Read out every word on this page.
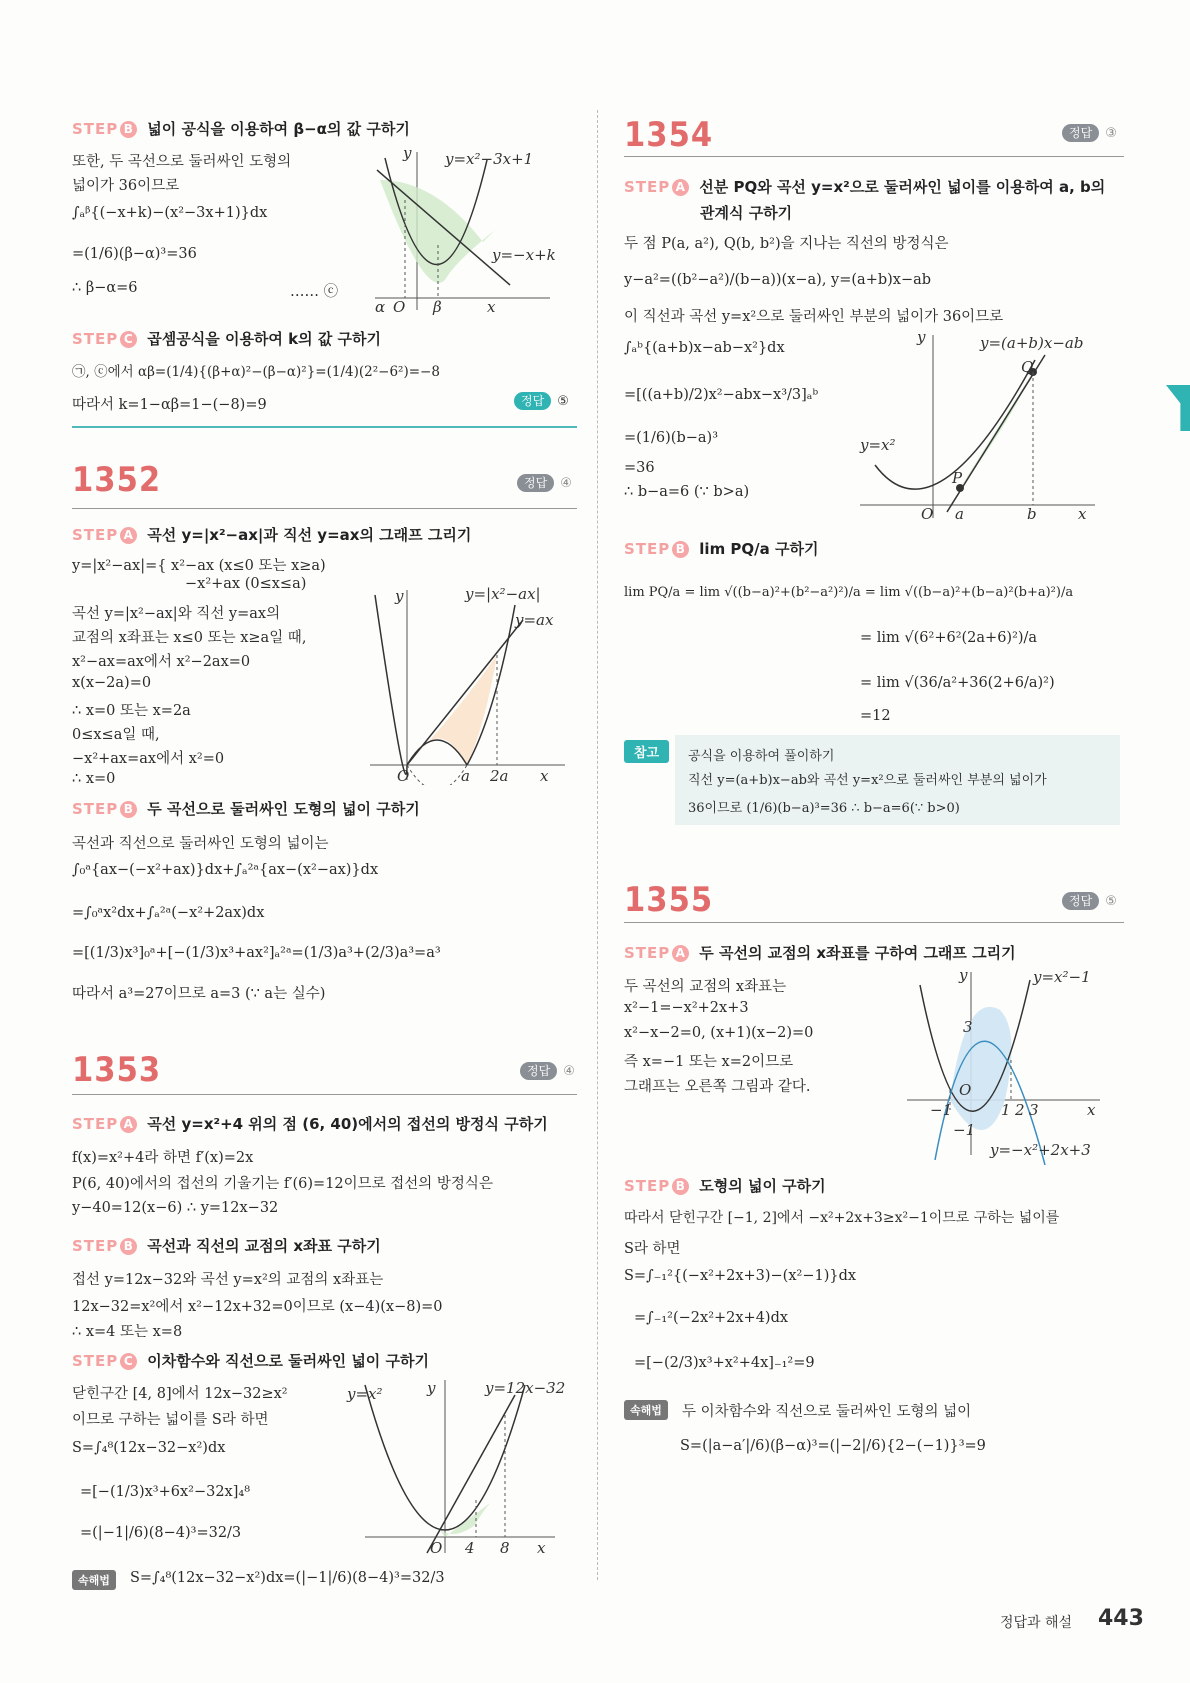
STEP B 넓이 공식을 이용하여 β−α의 값 구하기
또한, 두 곡선으로 둘러싸인 도형의
넓이가 36이므로
∫ₐᵝ{(−x+k)−(x²−3x+1)}dx
=(1/6)(β−α)³=36
∴ β−α=6	…… ⓒ
y y=x²−3x+1
y=−x+k
α O β	x
STEP C 곱셈공식을 이용하여 k의 값 구하기
㉠, ⓒ에서 αβ=(1/4){(β+α)²−(β−α)²}=(1/4)(2²−6²)=−8
따라서 k=1−αβ=1−(−8)=9	정답 ⑤
1352	정답 ④
STEP A 곡선 y=|x²−ax|과 직선 y=ax의 그래프 그리기
y=|x²−ax|={ x²−ax (x≤0 또는 x≥a)
−x²+ax (0≤x≤a)
곡선 y=|x²−ax|와 직선 y=ax의
교점의 x좌표는 x≤0 또는 x≥a일 때,
x²−ax=ax에서 x²−2ax=0
x(x−2a)=0
∴ x=0 또는 x=2a
0≤x≤a일 때,
−x²+ax=ax에서 x²=0
∴ x=0
y	y=|x²−ax|
y=ax
O	a 2a x
STEP B 두 곡선으로 둘러싸인 도형의 넓이 구하기
곡선과 직선으로 둘러싸인 도형의 넓이는
∫₀ᵃ{ax−(−x²+ax)}dx+∫ₐ²ᵃ{ax−(x²−ax)}dx
=∫₀ᵃx²dx+∫ₐ²ᵃ(−x²+2ax)dx
=[(1/3)x³]₀ᵃ+[−(1/3)x³+ax²]ₐ²ᵃ=(1/3)a³+(2/3)a³=a³
따라서 a³=27이므로 a=3 (∵ a는 실수)
1353	정답 ④
STEP A 곡선 y=x²+4 위의 점 (6, 40)에서의 접선의 방정식 구하기
f(x)=x²+4라 하면 f′(x)=2x
P(6, 40)에서의 접선의 기울기는 f′(6)=12이므로 접선의 방정식은
y−40=12(x−6) ∴ y=12x−32
STEP B 곡선과 직선의 교점의 x좌표 구하기
접선 y=12x−32와 곡선 y=x²의 교점의 x좌표는
12x−32=x²에서 x²−12x+32=0이므로 (x−4)(x−8)=0
∴ x=4 또는 x=8
STEP C 이차함수와 직선으로 둘러싸인 넓이 구하기
닫힌구간 [4, 8]에서 12x−32≥x²
이므로 구하는 넓이를 S라 하면
S=∫₄⁸(12x−32−x²)dx
=[−(1/3)x³+6x²−32x]₄⁸
=(|−1|/6)(8−4)³=32/3
y=x²	y	y=12x−32
O 4 8 x
속해법	S=∫₄⁸(12x−32−x²)dx=(|−1|/6)(8−4)³=32/3
1354	정답 ③
STEP A 선분 PQ와 곡선 y=x²으로 둘러싸인 넓이를 이용하여 a, b의
관계식 구하기
두 점 P(a, a²), Q(b, b²)을 지나는 직선의 방정식은
y−a²=((b²−a²)/(b−a))(x−a), y=(a+b)x−ab
이 직선과 곡선 y=x²으로 둘러싸인 부분의 넓이가 36이므로
∫ₐᵇ{(a+b)x−ab−x²}dx
=[((a+b)/2)x²−abx−x³/3]ₐᵇ
=(1/6)(b−a)³
=36
∴ b−a=6 (∵ b>a)
y	y=(a+b)x−ab
Q
y=x²
P
O a	b	x
STEP B lim PQ/a 구하기
lim PQ/a = lim √((b−a)²+(b²−a²)²)/a = lim √((b−a)²+(b−a)²(b+a)²)/a
= lim √(6²+6²(2a+6)²)/a
= lim √(36/a²+36(2+6/a)²)
=12
참고	공식을 이용하여 풀이하기
직선 y=(a+b)x−ab와 곡선 y=x²으로 둘러싸인 부분의 넓이가
36이므로 (1/6)(b−a)³=36 ∴ b−a=6(∵ b>0)
1355	정답 ⑤
STEP A 두 곡선의 교점의 x좌표를 구하여 그래프 그리기
두 곡선의 교점의 x좌표는
x²−1=−x²+2x+3
x²−x−2=0, (x+1)(x−2)=0
즉 x=−1 또는 x=2이므로
그래프는 오른쪽 그림과 같다.
y	y=x²−1
3
O
−1
−1
1 2 3	x
y=−x²+2x+3
STEP B 도형의 넓이 구하기
따라서 닫힌구간 [−1, 2]에서 −x²+2x+3≥x²−1이므로 구하는 넓이를
S라 하면
S=∫₋₁²{(−x²+2x+3)−(x²−1)}dx
=∫₋₁²(−2x²+2x+4)dx
=[−(2/3)x³+x²+4x]₋₁²=9
속해법	두 이차함수와 직선으로 둘러싸인 도형의 넓이
S=(|a−a′|/6)(β−α)³=(|−2|/6){2−(−1)}³=9
정답과 해설 443
